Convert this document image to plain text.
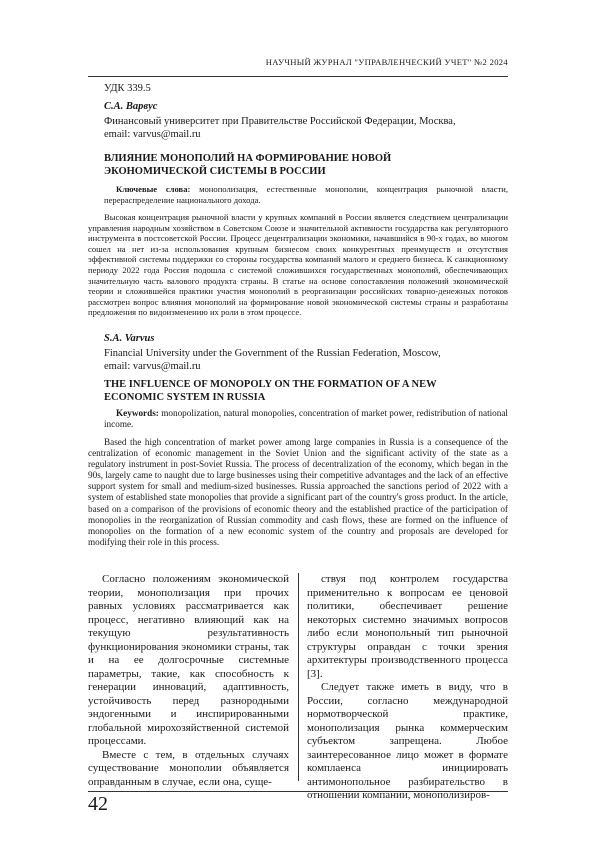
НАУЧНЫЙ ЖУРНАЛ "УПРАВЛЕНЧЕСКИЙ УЧЕТ" №2 2024
УДК 339.5
С.А. Варвус
Финансовый университет при Правительстве Российской Федерации, Москва,
email: varvus@mail.ru
ВЛИЯНИЕ МОНОПОЛИЙ НА ФОРМИРОВАНИЕ НОВОЙ
ЭКОНОМИЧЕСКОЙ СИСТЕМЫ В РОССИИ
Ключевые слова: монополизация, естественные монополии, концентрация рыночной власти, перераспределение национального дохода.
Высокая концентрация рыночной власти у крупных компаний в России является следствием централизации управления народным хозяйством в Советском Союзе и значительной активности государства как регуляторного инструмента в постсоветской России. Процесс децентрализации экономики, начавшийся в 90-х годах, во многом сошел на нет из-за использования крупным бизнесом своих конкурентных преимуществ и отсутствия эффективной системы поддержки со стороны государства компаний малого и среднего бизнеса. К санкционному периоду 2022 года Россия подошла с системой сложившихся государственных монополий, обеспечивающих значительную часть валового продукта страны. В статье на основе сопоставления положений экономической теории и сложившейся практики участия монополий в реорганизации российских товарно-денежных потоков рассмотрен вопрос влияния монополий на формирование новой экономической системы страны и разработаны предложения по видоизменению их роли в этом процессе.
S.A. Varvus
Financial University under the Government of the Russian Federation, Moscow,
email: varvus@mail.ru
THE INFLUENCE OF MONOPOLY ON THE FORMATION OF A NEW
ECONOMIC SYSTEM IN RUSSIA
Keywords: monopolization, natural monopolies, concentration of market power, redistribution of national income.
Based the high concentration of market power among large companies in Russia is a consequence of the centralization of economic management in the Soviet Union and the significant activity of the state as a regulatory instrument in post-Soviet Russia. The process of decentralization of the economy, which began in the 90s, largely came to naught due to large businesses using their competitive advantages and the lack of an effective support system for small and medium-sized businesses. Russia approached the sanctions period of 2022 with a system of established state monopolies that provide a significant part of the country's gross product. In the article, based on a comparison of the provisions of economic theory and the established practice of the participation of monopolies in the reorganization of Russian commodity and cash flows, these are formed on the influence of monopolies on the formation of a new economic system of the country and proposals are developed for modifying their role in this process.

Согласно положениям экономической теории, монополизация при прочих равных условиях рассматривается как процесс, негативно влияющий как на текущую результативность функционирования экономики страны, так и на ее долгосрочные системные параметры, такие, как способность к генерации инноваций, адаптивность, устойчивость перед разнородными эндогенными и инспирированными глобальной мирохозяйственной системой процессами.

Вместе с тем, в отдельных случаях существование монополии объявляется оправданным в случае, если она, суще-

ствуя под контролем государства применительно к вопросам ее ценовой политики, обеспечивает решение некоторых системно значимых вопросов либо если монопольный тип рыночной структуры оправдан с точки зрения архитектуры производственного процесса [3].

Следует также иметь в виду, что в России, согласно международной нормотворческой практике, монополизация рынка коммерческим субъектом запрещена. Любое заинтересованное лицо может в формате комплаенса инициировать антимонопольное разбирательство в отношении компании, монополизиров-

42
